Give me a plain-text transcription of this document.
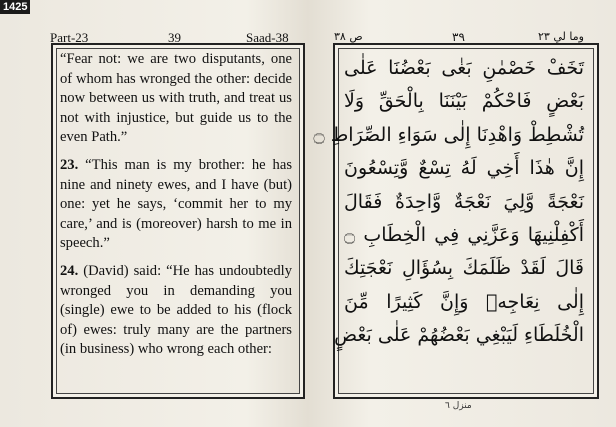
1425
Part-23	39	Saad-38

“Fear not: we are two disputants, one of whom has wronged the other: decide now between us with truth, and treat us not with injustice, but guide us to the even Path.”

23. “This man is my brother: he has nine and ninety ewes, and I have (but) one: yet he says, ‘commit her to my care,’ and is (moreover) harsh to me in speech.”

24. (David) said: “He has undoubtedly wronged you in demanding you (single) ewe to be added to his (flock of) ewes: truly many are the partners (in business) who wrong each other:

ص ٣٨	٣٩	وما لي ٢٣
تَخَفْ خَصْمٰنِ بَغٰى بَعْضُنَا عَلٰى
بَعْضٍ فَاحْكُمْ بَيْنَنَا بِالْحَقِّ وَلَا
تُشْطِطْ وَاهْدِنَا إِلٰى سَوَاءِ الصِّرَاطِ ۝
إِنَّ هٰذَا أَخِي لَهُ تِسْعٌ وَّتِسْعُونَ
نَعْجَةً وَّلِيَ نَعْجَةٌ وَّاحِدَةٌ فَقَالَ
أَكْفِلْنِيهَا وَعَزَّنِي فِي الْخِطَابِ ۝
قَالَ لَقَدْ ظَلَمَكَ بِسُؤَالِ نَعْجَتِكَ
إِلٰى نِعَاجِهٖ وَإِنَّ كَثِيرًا مِّنَ
الْخُلَطَاءِ لَيَبْغِي بَعْضُهُمْ عَلٰى بَعْضٍ
منزل ٦
